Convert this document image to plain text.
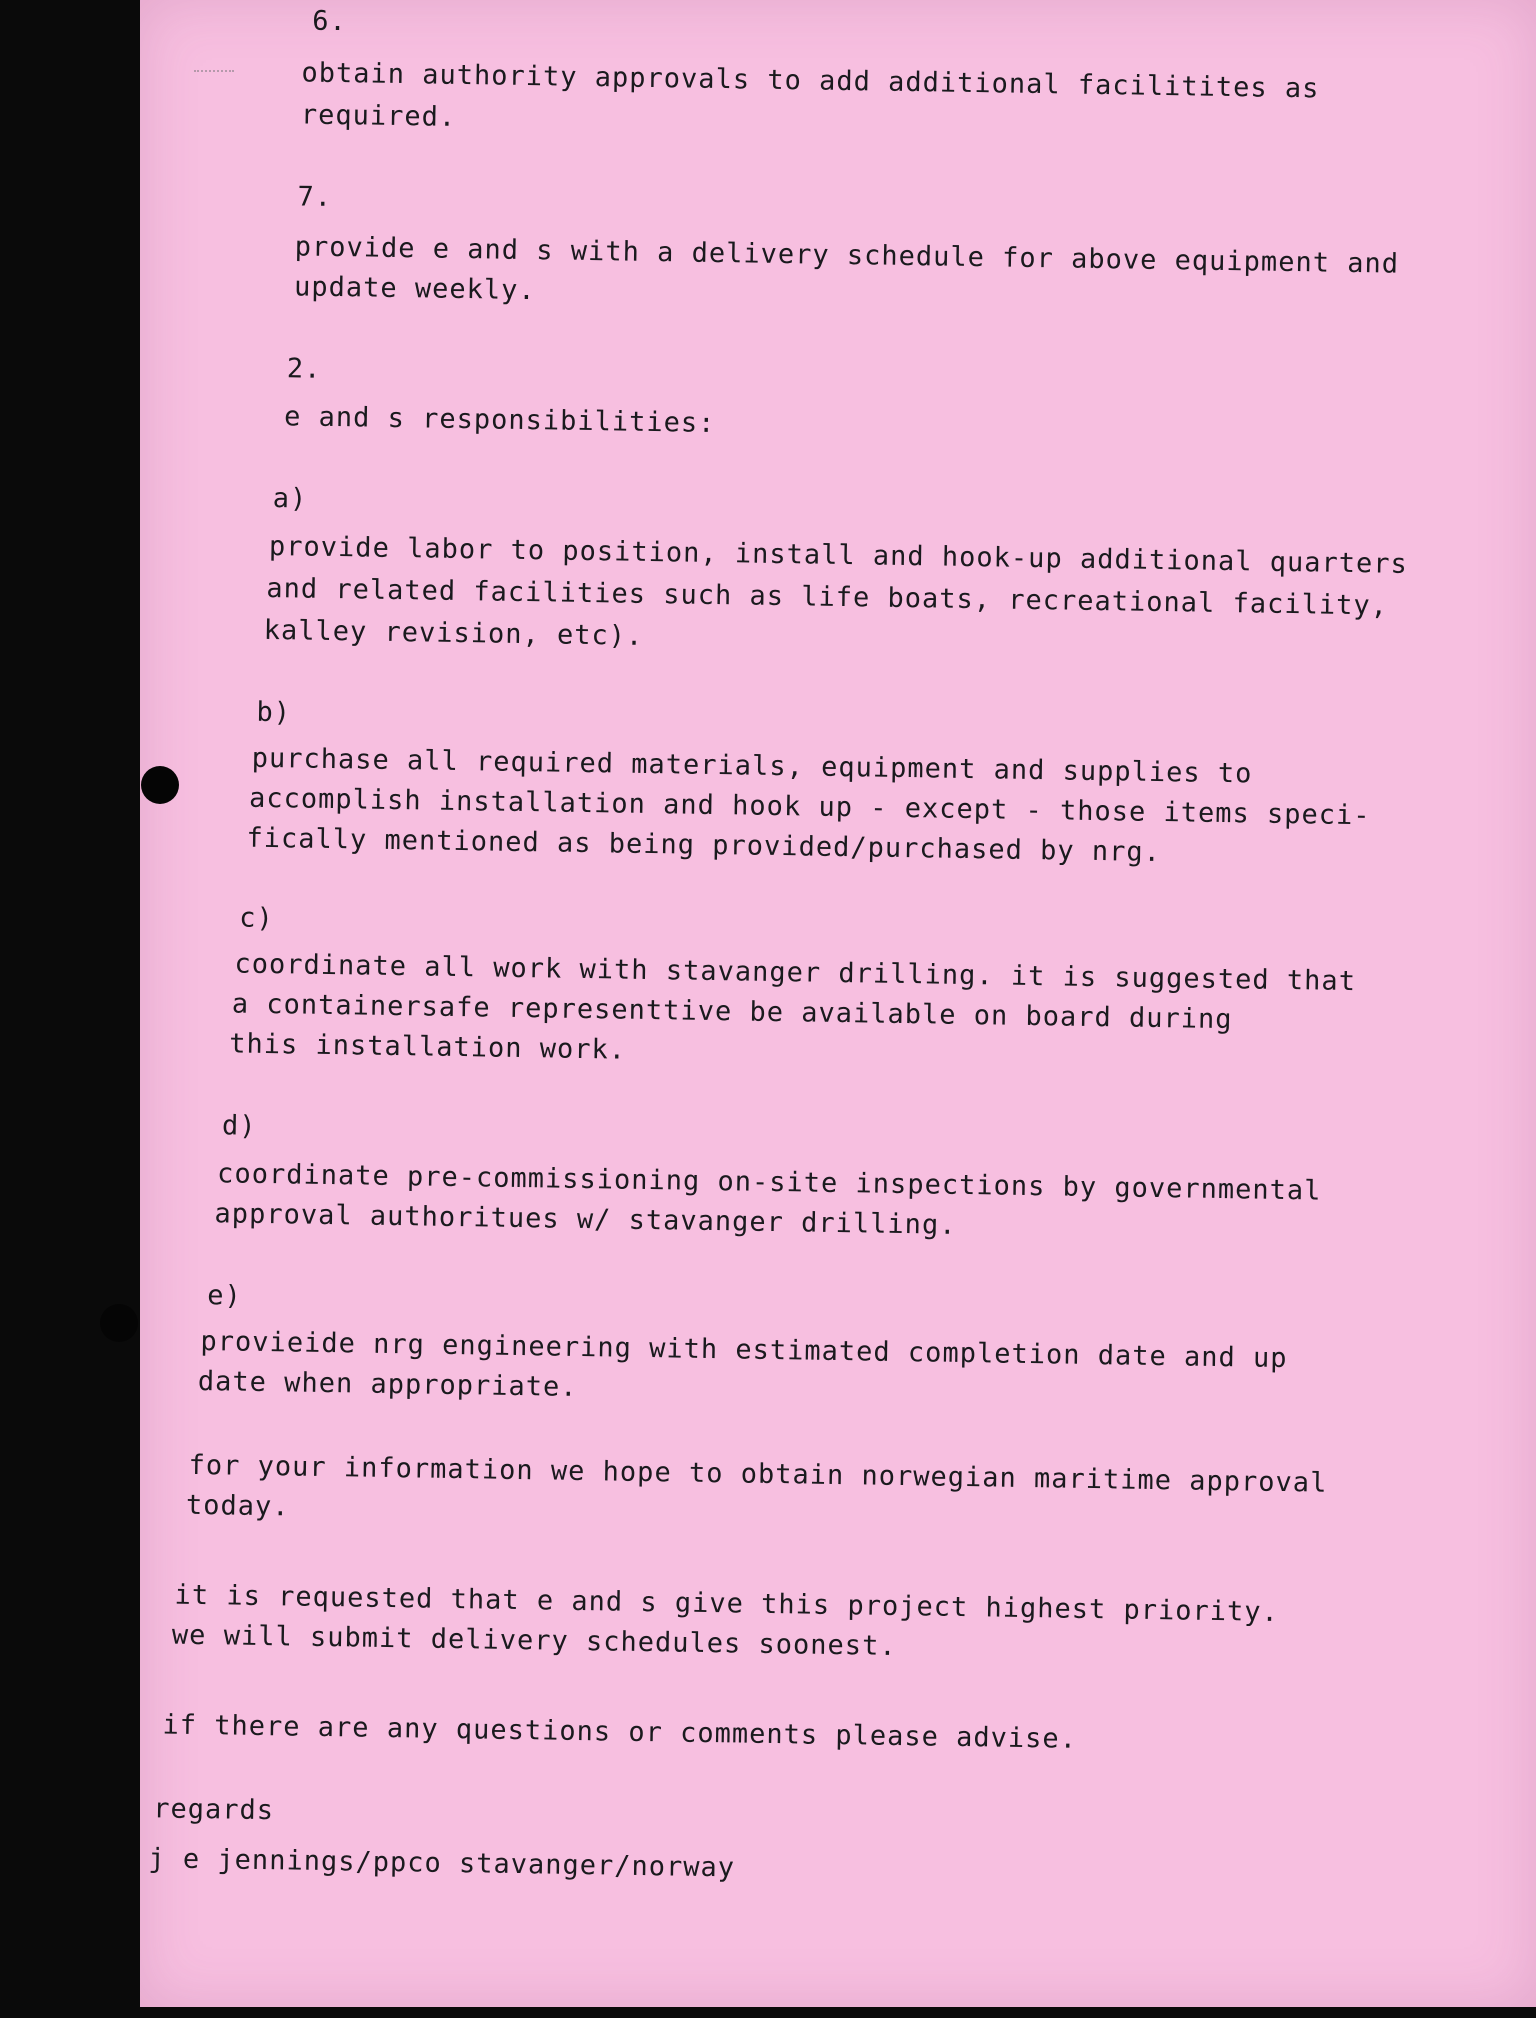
6.
obtain authority approvals to add additional facilitites as
required.
7.
provide e and s with a delivery schedule for above equipment and
update weekly.
2.
e and s responsibilities:
a)
provide labor to position, install and hook-up additional quarters
and related facilities such as life boats, recreational facility,
kalley revision, etc).
b)
purchase all required materials, equipment and supplies to
accomplish installation and hook up - except - those items speci-
fically mentioned as being provided/purchased by nrg.
c)
coordinate all work with stavanger drilling. it is suggested that
a containersafe representtive be available on board during
this installation work.
d)
coordinate pre-commissioning on-site inspections by governmental
approval authoritues w/ stavanger drilling.
e)
provieide nrg engineering with estimated completion date and up
date when appropriate.
for your information we hope to obtain norwegian maritime approval
today.
it is requested that e and s give this project highest priority.
we will submit delivery schedules soonest.
if there are any questions or comments please advise.
regards
j e jennings/ppco stavanger/norway
